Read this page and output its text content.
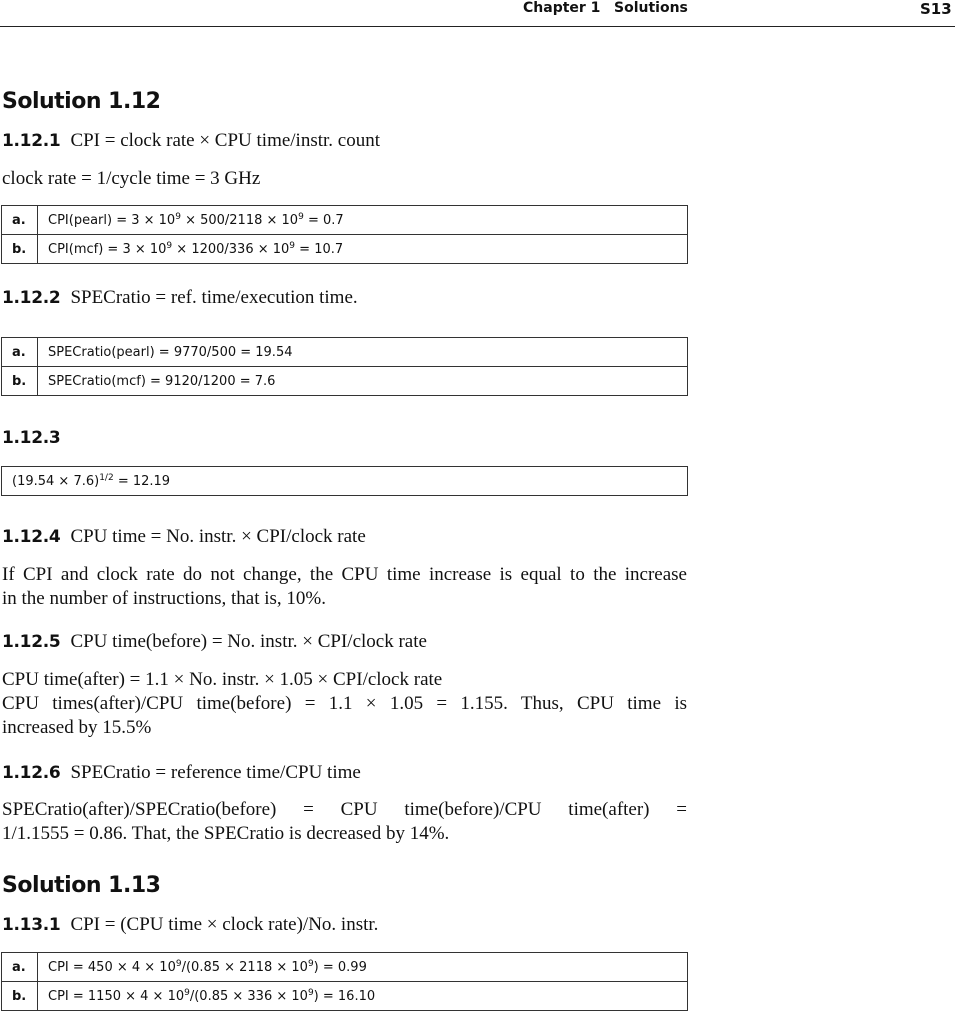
Chapter 1 Solutions	S13
Solution 1.12
1.12.1 CPI = clock rate × CPU time/instr. count
clock rate = 1/cycle time = 3 GHz
a.	CPI(pearl) = $3 \times 10^9 \times 500/2118 \times 10^9 = 0.7$
b.	$CPI(mcf) = 3 \times 10^9 \times 1200/336 \times 10^9 = 10.7$
1.12.2 SPECratio = ref. time/execution time.
a.	SPECratio(pearl) = 9770/500 = 19.54
b.	SPECratio(mcf) = 9120/1200 = 7.6
1.12.3
$(19.54 \times 7.6)^{1/2} = 12.19$
1.12.4 CPU time = No. instr. × CPI/clock rate
If CPI and clock rate do not change, the CPU time increase is equal to the increase
in the number of instructions, that is, 10%.
1.12.5 CPU time(before) = No. instr. × CPI/clock rate
CPU time(after) = 1.1 × No. instr. × 1.05 × CPI/clock rate
CPU times(after)/CPU time(before) = 1.1 × 1.05 = 1.155. Thus, CPU time is
increased by 15.5%
1.12.6 SPECratio = reference time/CPU time
SPECratio(after)/SPECratio(before) = CPU time(before)/CPU time(after) =
1/1.1555 = 0.86. That, the SPECratio is decreased by 14%.
Solution 1.13
1.13.1 CPI = (CPU time × clock rate)/No. instr.
a.	CPI = $450 \times 4 \times 10^9/(0.85 \times 2118 \times 10^9) = 0.99$
b.	CPI = $1150 \times 4 \times 10^9/(0.85 \times 336 \times 10^9) = 16.10$
